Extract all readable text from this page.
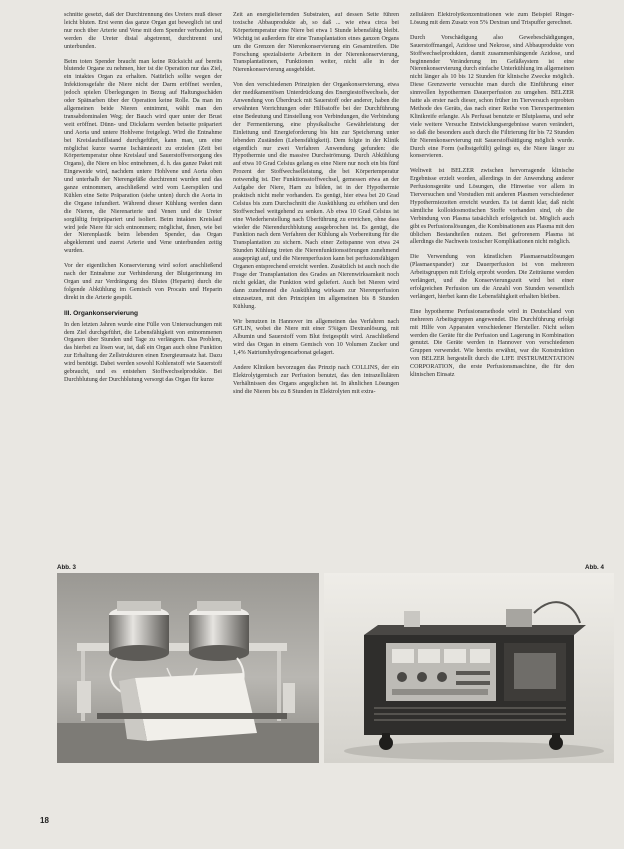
schnitte gesetzt, daß der Durchtrennung des Ureters muß dieser leicht bluten. Erst wenn das ganze Organ gut beweglich ist und nur noch über Arterie und Vene mit dem Spender verbunden ist, werden die Ureter distal abgetrennt, durchtrennt und unterbunden.

Beim toten Spender braucht man keine Rücksicht auf bereits blutende Organe zu nehmen, hier ist die Operation nur das Ziel, ein intaktes Organ zu erhalten. Natürlich sollte wegen der Infektionsgefahr die Niere nicht der Darm eröffnet werden, jedoch spielen Überlegungen in Bezug auf Haltungsschäden oder Spätnarben über der Operation keine Rolle. Da man im allgemeinen beide Nieren entnimmt, wählt man den transabdominalen Weg; der Bauch wird quer unter der Brust weit eröffnet. Dünn- und Dickdarm werden beiseite präpariert und Aorta und untere Hohlvene freigelegt. Wird die Entnahme bei Kreislaufstillstand durchgeführt, kann man, um eine möglichst kurze warme Ischämiezeit zu erzielen (Zeit bei Körpertemperatur ohne Kreislauf und Sauerstoffversorgung des Organs), die Niere en bloc entnehmen, d. h. das ganze Paket mit Eingeweide wird, nachdem untere Hohlvene und Aorta oben und unterhalb der Nierengefäße durchtrennt wurden und das ganze entnommen, anschließend wird vom Leerspülen und Kühlen eine Seite Präparation (siehe unten) durch die Aorta in die Organe infundiert. Während dieser Kühlung werden dann die Nieren, die Nierenarterie und Venen und die Ureter sorgfältig freipräpariert und isoliert. Beim intakten Kreislauf wird jede Niere für sich entnommen; möglichst, ihnen, wie bei der Nierenplastik beim lebenden Spender, das Organ abgeklemmt und zuerst Arterie und Vene unterbunden zeitig wurden.

Vor der eigentlichen Konservierung wird sofort anschließend nach der Entnahme zur Verhinderung der Blutgerinnung im Organ und zur Verdrängung des Blutes (Heparin) durch die folgende Abkühlung im Gemisch von Procain und Heparin direkt in die Arterie gespült.

III. Organkonservierung

In den letzten Jahren wurde eine Fülle von Untersuchungen mit dem Ziel durchgeführt, die Lebensfähigkeit von entnommenen Organen über Stunden und Tage zu verlängern. Das Problem, das hierbei zu lösen war, ist, daß ein Organ auch ohne Funktion zur Erhaltung der Zellstrukturen einen Energieumsatz hat. Dazu wird benötigt. Dabei werden sowohl Kohlenstoff wie Sauerstoff gebraucht, und es entstehen Stoffwechselprodukte. Bei Durchblutung der Durchblutung versorgt das Organ für kurze

Zeit an energieliefernden Substraten, auf dessen Seite führen toxische Abbauprodukte ab, so daß ... wie etwa circa bei Körpertemperatur eine Niere bei etwa 1 Stunde lebensfähig bleibt. Wichtig ist außerdem für eine Transplantation eines ganzen Organs um die Grenzen der Nierenkonservierung ein Gesamtreifen. Die Forschung spezialisierte Arbeitern in der Nierenkonservierung, Transplantationen, Funktionen weiter, nicht alle in der Nierenkonservierung ausgebildet.

Von den verschiedenen Prinzipien der Organkonservierung, etwa der medikamentösen Unterdrückung des Energiestoffwechsels, der Anwendung von Überdruck mit Sauerstoff oder anderer, haben die erwähnten Vorrichtungen oder Hilfsstoffe bei der Durchführung eine Bedeutung und Einstellung von Verbindungen, die Verbindung der Fermentierung, eine physikalische Gewährleistung der Einleitung und Energieforderung bis hin zur Speicherung unter lebenden Zuständen (Lebensfähigkeit). Dem folgte in der Klinik eigentlich nur zwei Verfahren Anwendung gefunden: die Hypothermie und die massive Durchströmung. Durch Abkühlung auf etwa 10 Grad Celsius gelang es eine Niere nur noch ein bis fünf Prozent der Stoffwechselleistung, die bei Körpertemperatur notwendig ist. Der Funktionsstoffwechsel, gemessen etwa an der Aufgabe der Niere, Harn zu bilden, ist in der Hypothermie praktisch nicht mehr vorhanden. Es genügt, hier etwa bei 20 Grad Celsius bis zum Durchschnitt die Auskühlung zu erhöhen und den Stoffwechsel weitgehend zu senken. Ab etwa 10 Grad Celsius ist eine Wiederherstellung nach Überführung zu erreichen, ohne dass wieder die Nierendurchblutung ausgebrochen ist. Es genügt, die Funktion nach dem Verfahren der Kühlung als Vorbereitung für die Transplantation zu sichern. Nach einer Zeitspanne von etwa 24 Stunden Kühlung treten die Nierenfunktionsstörungen zunehmend ausgeprägt auf, und die Nierenperfusion kann bei perfusionsfähigen Organen entsprechend erreicht werden. Zusätzlich ist auch noch die Frage der Transplantation des Grades an Nierenwirksamkeit noch nicht geklärt, die Funktion wird geliefert. Auch bei Nieren wird dann zunehmend die Auskühlung wirksam zur Nierenperfusion einzusetzen, mit den Prinzipien im allgemeinen bis 8 Stunden Kühlung.

Wir benutzen in Hannover im allgemeinen das Verfahren nach GFLIN, wobei die Niere mit einer 5%igen Dextranlösung, mit Albumin und Sauerstoff vom Blut freigespült wird. Anschließend wird das Organ in einem Gemisch von 10 Volumen Zucker und 1,4% Natriumhydrogencarbonat gelagert.

Andere Kliniken bevorzugen das Prinzip nach COLLINS, der ein Elektrolytgemisch zur Perfusion benutzt, das den intrazellulären Verhältnissen des Organs angeglichen ist. In ähnlichen Lösungen sind die Nieren bis zu 8 Stunden in Elektrolyten mit extra-

zellulären Elektrolytkonzentrationen wie zum Beispiel Ringer-Lösung mit dem Zusatz von 5% Dextran und Trispuffer gerechnet.

Durch Vorschädigung also Gewebeschädigungen, Sauerstoffmangel, Azidose und Nekrose, sind Abbauprodukte von Stoffwechselprodukten, damit zusammenhängende Azidose, und beginnender Veränderung im Gefäßsystem ist eine Nierenkonservierung durch einfache Unterkühlung im allgemeinen nicht länger als 10 bis 12 Stunden für klinische Zwecke möglich. Diese Grenzwerte versuchte man durch die Einführung einer sinnvollen hypothermen Dauerperfusion zu umgehen. BELZER hatte als erster nach dieser, schon früher im Tierversuch erprobten Methode des Geräts, das nach einer Reihe von Tierexperimenten Klinikreife erlangte. Als Perfusat benutzte er Blutplasma, und sehr viele weitere Versuche Entwicklungsergebnisse waren verändert, so daß die besonders auch durch die Filtrierung für bis 72 Stunden für Nierenkonservierung mit Sauerstoffsättigung möglich wurde. Durch eine Form (selbstgefüllt) gelingt es, die Niere länger zu konservieren.

Weltweit ist BELZER zwischen hervorragende klinische Ergebnisse erzielt worden, allerdings in der Anwendung anderer Perfusionsgeräte und Lösungen, die Hinweise vor allem in Tierversuchen und Vorstudien mit anderen Plasmen verschiedener Hypothermiezeiten erreicht wurden. Es ist damit klar, daß nicht sämtliche kolloidosmotischen Stoffe vorhanden sind, ob die Verbindung von Plasma tatsächlich erfolgreich ist. Möglich auch gibt es Perfusionslösungen, die Kombinationen aus Plasma mit den üblichen Bestandteilen nutzen. Bei gefrorenem Plasma ist allerdings die Nachweis toxischer Komplikationen nicht möglich.

Die Verwendung von künstlichen Plasmaersatzlösungen (Plasmaexpander) zur Dauerperfusion ist von mehreren Arbeitsgruppen mit Erfolg erprobt worden. Die Zeiträume werden verlängert, und die Konservierungszeit wird bei einer erfolgreichen Perfusion um die Anzahl von Stunden wesentlich verlängert, hierbei kann die Lebensfähigkeit erhalten bleiben.

Eine hypotherme Perfusionsmethode wird in Deutschland von mehreren Arbeitsgruppen angewendet. Die Durchführung erfolgt mit Hilfe von Apparaten verschiedener Hersteller. Nicht selten werden die Geräte für die Perfusion und Lagerung in Kombination genutzt. Die Geräte werden in Hannover von verschiedenen Gruppen verwendet. Wie bereits erwähnt, war die Konstruktion von BELZER hergestellt durch die LIFE INSTRUMENTATION CORPORATION, die erste Perfusionsmaschine, die für den klinischen Einsatz

Abb. 3	Abb. 4
18
